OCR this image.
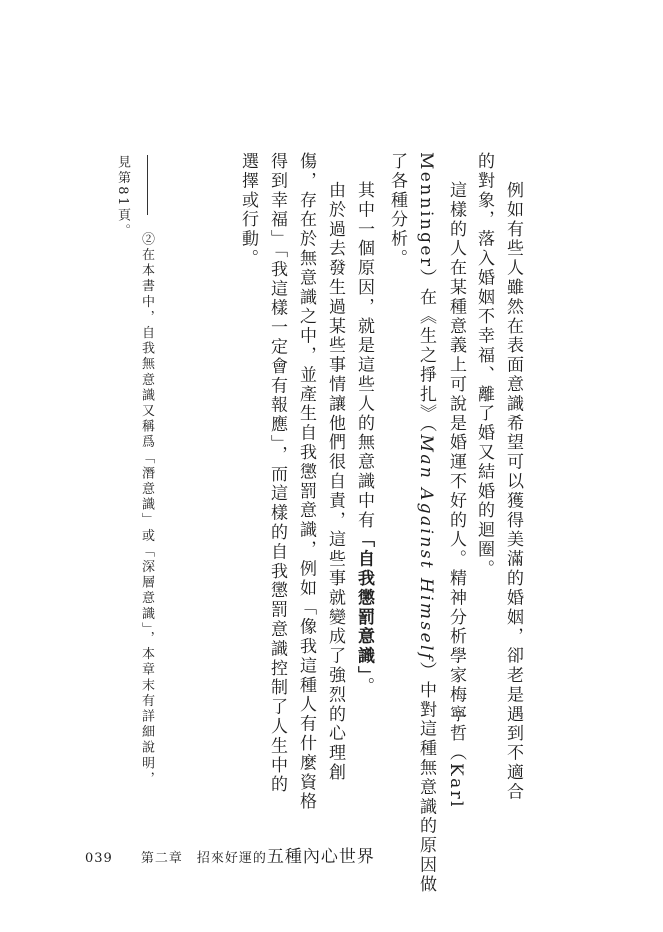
例如有些人雖然在表面意識希望可以獲得美滿的婚姻，卻老是遇到不適合
的對象，落入婚姻不幸福、離了婚又結婚的迴圈。
這樣的人在某種意義上可說是婚運不好的人。精神分析學家梅寧哲（Karl
Menninger）在《生之掙扎》（Man Against Himself）中對這種無意識的原因做
了各種分析。
其中一個原因，就是這些人的無意識中有「自我懲罰意識」。
由於過去發生過某些事情讓他們很自責，這些事就變成了強烈的心理創
傷，存在於無意識之中，並產生自我懲罰意識，例如「像我這種人有什麼資格
得到幸福」「我這樣一定會有報應」，而這樣的自我懲罰意識控制了人生中的
選擇或行動。
②在本書中，自我無意識又稱爲「潛意識」或「深層意識」，本章末有詳細說明，
見第81頁。
039 第二章 招來好運的五種內心世界
